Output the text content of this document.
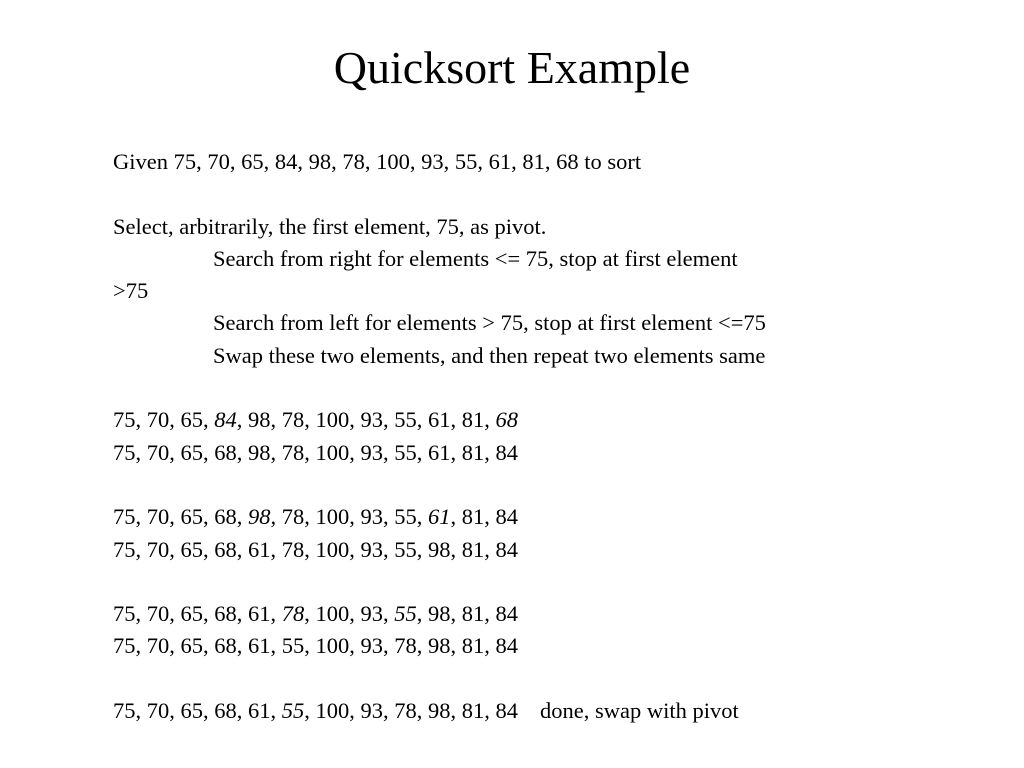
Quicksort Example
Given 75, 70, 65, 84, 98, 78, 100, 93, 55, 61, 81, 68 to sort
Select, arbitrarily, the first element, 75, as pivot.
Search from right for elements <= 75, stop at first element
>75
Search from left for elements > 75, stop at first element <=75
Swap these two elements, and then repeat two elements same
75, 70, 65, 84, 98, 78, 100, 93, 55, 61, 81, 68
75, 70, 65, 68, 98, 78, 100, 93, 55, 61, 81, 84
75, 70, 65, 68, 98, 78, 100, 93, 55, 61, 81, 84
75, 70, 65, 68, 61, 78, 100, 93, 55, 98, 81, 84
75, 70, 65, 68, 61, 78, 100, 93, 55, 98, 81, 84
75, 70, 65, 68, 61, 55, 100, 93, 78, 98, 81, 84
75, 70, 65, 68, 61, 55, 100, 93, 78, 98, 81, 84 done, swap with pivot
